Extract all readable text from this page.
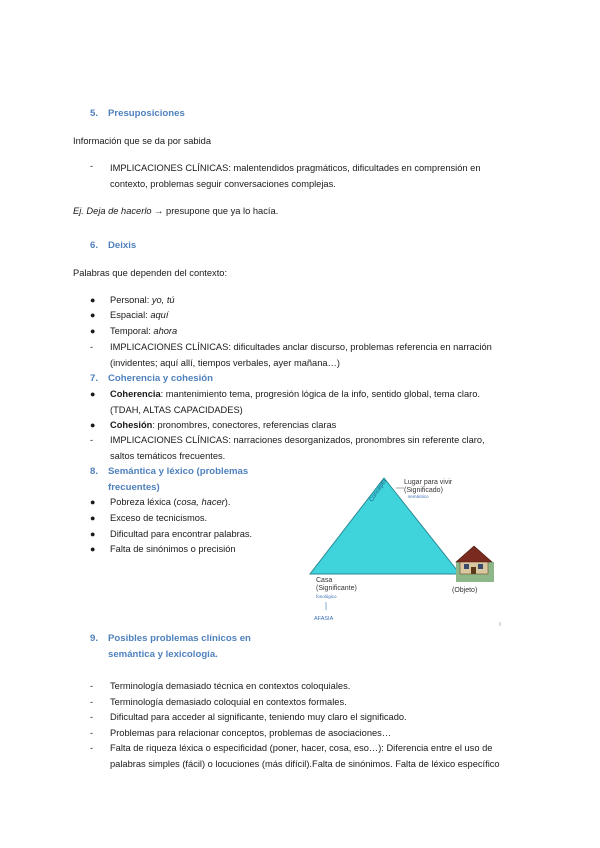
5. Presuposiciones
Información que se da por sabida
-	IMPLICACIONES CLÍNICAS: malentendidos pragmáticos, dificultades en comprensión en contexto, problemas seguir conversaciones complejas.
Ej. Deja de hacerlo → presupone que ya lo hacía.
6. Deixis
Palabras que dependen del contexto:
●	Personal: yo, tú
●	Espacial: aquí
●	Temporal: ahora
-	IMPLICACIONES CLÍNICAS: dificultades anclar discurso, problemas referencia en narración (invidentes; aquí allí, tiempos verbales, ayer mañana…)
7. Coherencia y cohesión
●	Coherencia: mantenimiento tema, progresión lógica de la info, sentido global, tema claro. (TDAH, ALTAS CAPACIDADES)
●	Cohesión: pronombres, conectores, referencias claras
-	IMPLICACIONES CLÍNICAS: narraciones desorganizados, pronombres sin referente claro, saltos temáticos frecuentes.
8. Semántica y léxico (problemas
frecuentes)
●	Pobreza léxica (cosa, hacer).
●	Exceso de tecnicismos.
●	Dificultad para encontrar palabras.
●	Falta de sinónimos o precisión
Concepto Lugar para vivir
(Significado)
semántico
Casa
(Significante)
fonológico
AFASIA
(Objeto)
9. Posibles problemas clínicos en
semántica y lexicología.
-	Terminología demasiado técnica en contextos coloquiales.
-	Terminología demasiado coloquial en contextos formales.
-	Dificultad para acceder al significante, teniendo muy claro el significado.
-	Problemas para relacionar conceptos, problemas de asociaciones…
-	Falta de riqueza léxica o especificidad (poner, hacer, cosa, eso…): Diferencia entre el uso de palabras simples (fácil) o locuciones (más difícil).Falta de sinónimos. Falta de léxico específico
